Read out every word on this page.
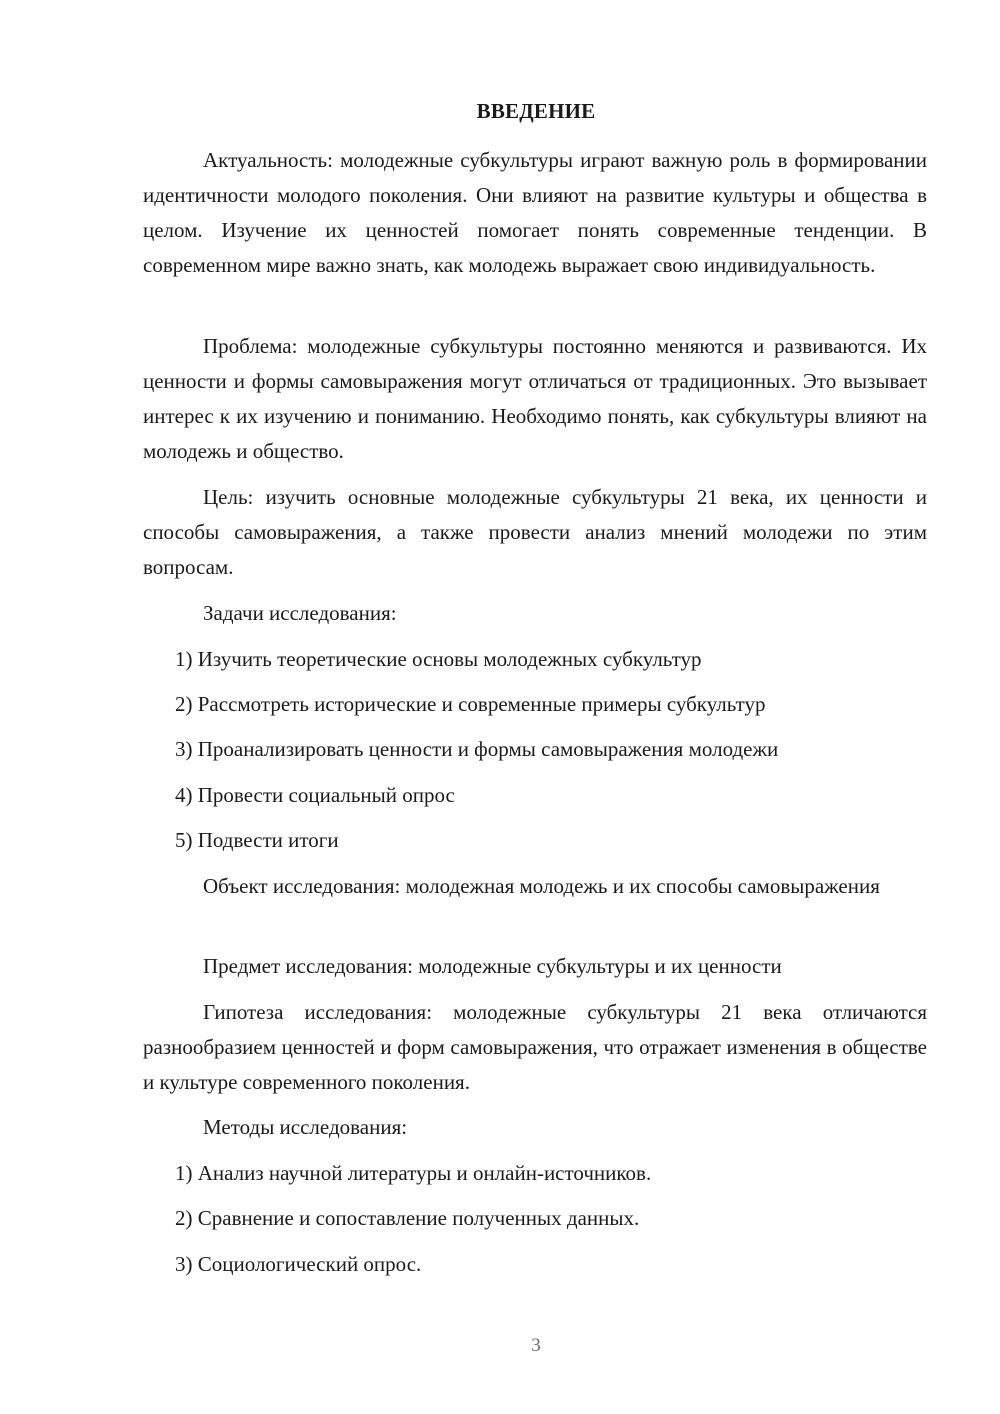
ВВЕДЕНИЕ

Актуальность: молодежные субкультуры играют важную роль в формировании идентичности молодого поколения. Они влияют на развитие культуры и общества в целом. Изучение их ценностей помогает понять современные тенденции. В современном мире важно знать, как молодежь выражает свою индивидуальность.

Проблема: молодежные субкультуры постоянно меняются и развиваются. Их ценности и формы самовыражения могут отличаться от традиционных. Это вызывает интерес к их изучению и пониманию. Необходимо понять, как субкультуры влияют на молодежь и общество.

Цель: изучить основные молодежные субкультуры 21 века, их ценности и способы самовыражения, а также провести анализ мнений молодежи по этим вопросам.

Задачи исследования:

1) Изучить теоретические основы молодежных субкультур

2) Рассмотреть исторические и современные примеры субкультур

3) Проанализировать ценности и формы самовыражения молодежи

4) Провести социальный опрос

5) Подвести итоги

Объект исследования: молодежная молодежь и их способы самовыражения

Предмет исследования: молодежные субкультуры и их ценности

Гипотеза исследования: молодежные субкультуры 21 века отличаются разнообразием ценностей и форм самовыражения, что отражает изменения в обществе и культуре современного поколения.

Методы исследования:

1) Анализ научной литературы и онлайн-источников.

2) Сравнение и сопоставление полученных данных.

3) Социологический опрос.

3
